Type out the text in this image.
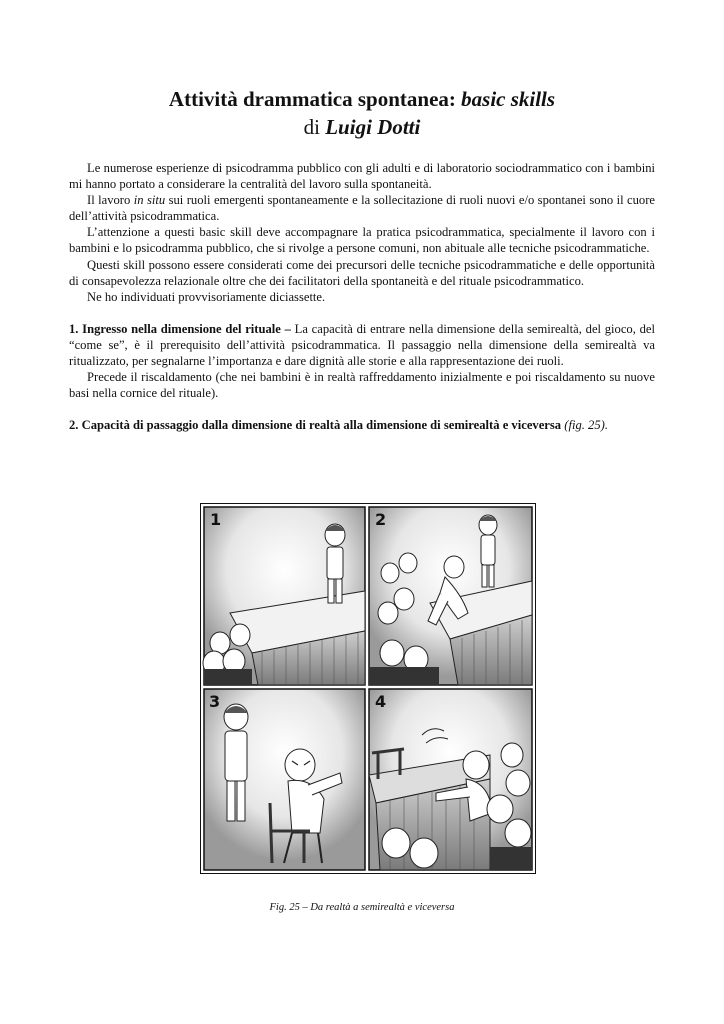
Attività drammatica spontanea: basic skills
di Luigi Dotti

Le numerose esperienze di psicodramma pubblico con gli adulti e di laboratorio sociodrammatico con i bambini mi hanno portato a considerare la centralità del lavoro sulla spontaneità.

Il lavoro in situ sui ruoli emergenti spontaneamente e la sollecitazione di ruoli nuovi e/o spontanei sono il cuore dell’attività psicodrammatica.

L’attenzione a questi basic skill deve accompagnare la pratica psicodrammatica, specialmente il lavoro con i bambini e lo psicodramma pubblico, che si rivolge a persone comuni, non abituale alle tecniche psicodrammatiche.

Questi skill possono essere considerati come dei precursori delle tecniche psicodrammatiche e delle opportunità di consapevolezza relazionale oltre che dei facilitatori della spontaneità e del rituale psicodrammatico.

Ne ho individuati provvisoriamente diciassette.

1. Ingresso nella dimensione del rituale – La capacità di entrare nella dimensione della semirealtà, del gioco, del “come se”, è il prerequisito dell’attività psicodrammatica. Il passaggio nella dimensione della semirealtà va ritualizzato, per segnalarne l’importanza e dare dignità alle storie e alla rappresentazione dei ruoli.

Precede il riscaldamento (che nei bambini è in realtà raffreddamento inizialmente e poi riscaldamento su nuove basi nella cornice del rituale).

2. Capacità di passaggio dalla dimensione di realtà alla dimensione di semirealtà e viceversa (fig. 25).

1	2
3	4
Fig. 25 – Da realtà a semirealtà e viceversa
